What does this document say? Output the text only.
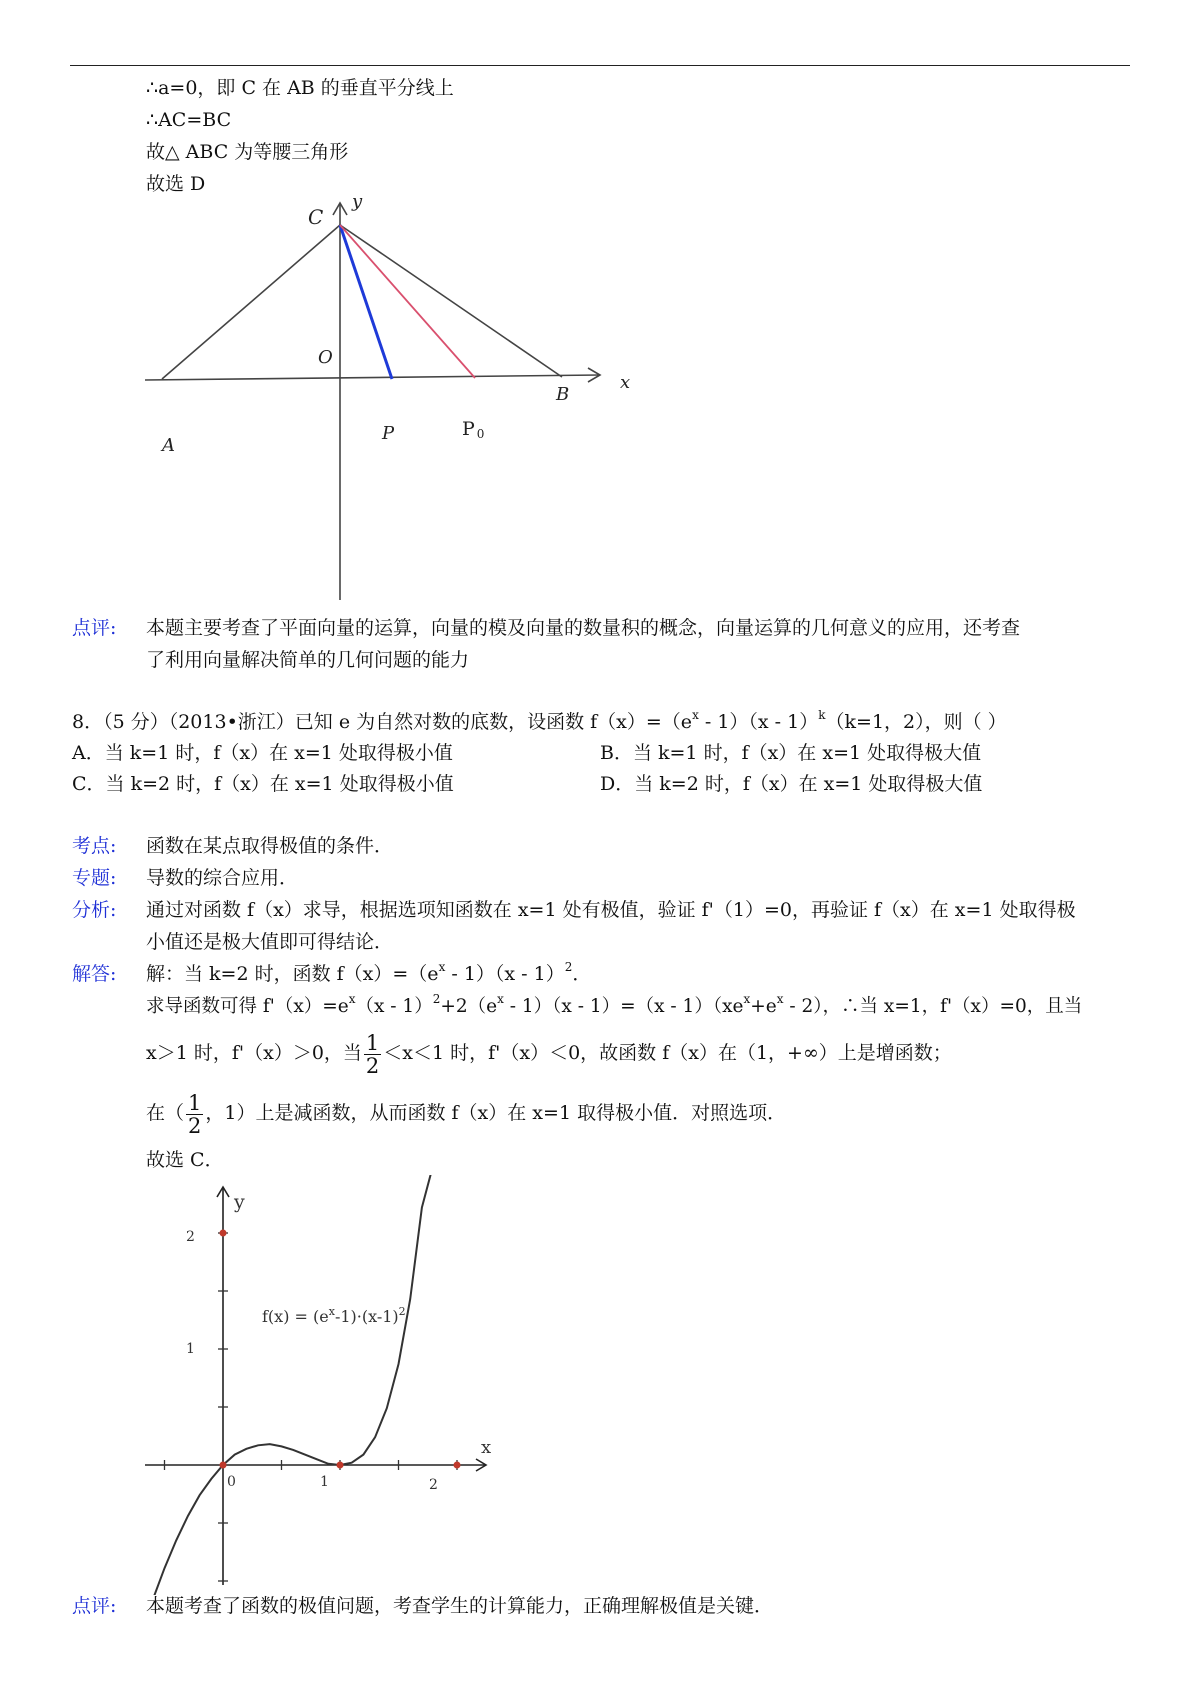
∴a=0，即 C 在 AB 的垂直平分线上
∴AC=BC
故△ ABC 为等腰三角形
故选 D
C
y
O
x
A
B
P	P 0
点评: 本题主要考查了平面向量的运算，向量的模及向量的数量积的概念，向量运算的几何意义的应用，还考查
了利用向量解决简单的几何问题的能力
8．（5 分）（2013•浙江）已知 e 为自然对数的底数，设函数 $f(x)=(e^x - 1)(x - 1)^k(k=1$，2），则（ ）
A．当 k=1 时，f（x）在 x=1 处取得极小值	B．当 k=1 时，f（x）在 x=1 处取得极大值
C．当 k=2 时，f（x）在 x=1 处取得极小值	D．当 k=2 时，f（x）在 x=1 处取得极大值
考点: 函数在某点取得极值的条件．
专题: 导数的综合应用．
分析: 通过对函数 f（x）求导，根据选项知函数在 x=1 处有极值，验证 f'（1）=0，再验证 f（x）在 x=1 处取得极
小值还是极大值即可得结论．
解答: 解：当 k=2 时，函数 $f(x)=(e^x - 1)(x - 1)^2$．
求导函数可得 $f'(x)=e^x(x - 1)^2+2(e^x - 1)(x - 1)=(x - 1)(xe^x+e^x - 2)$，∴当 x=1，f'（x）=0，且当
x＞1 时，f'（x）＞0，当 $\frac{1}{2} <x<1$ 时，f'（x）＜0，故函数 f（x）在（1，+∞）上是增函数；
在（ $\frac{1}{2}$ ，1）上是减函数，从而函数 f（x）在 x=1 取得极小值．对照选项．
故选 C．
y
x
$f(x) = (e^x-1)\cdot(x-1)^2$
0	1	2
1
2
点评: 本题考查了函数的极值问题，考查学生的计算能力，正确理解极值是关键．
